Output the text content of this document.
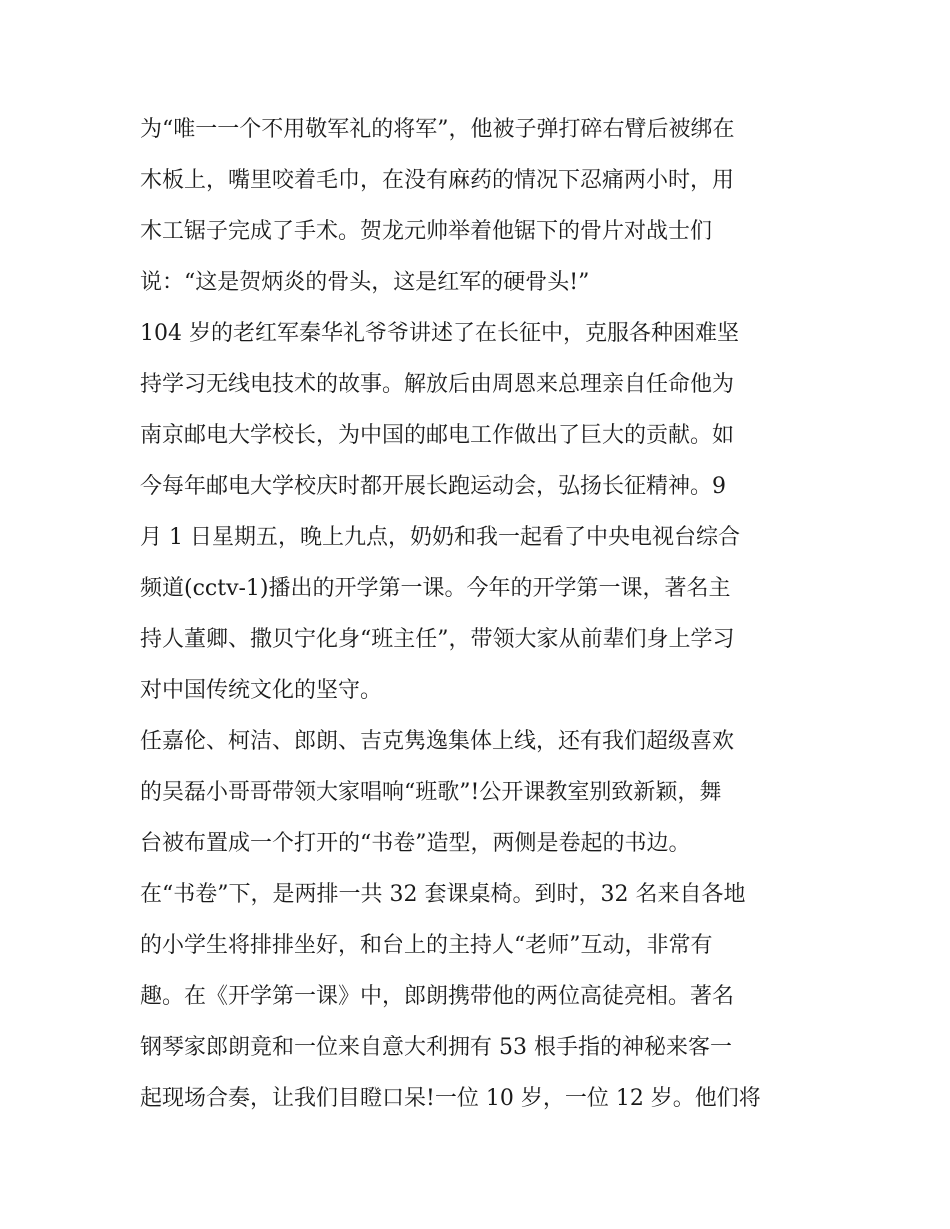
为“唯一一个不用敬军礼的将军”，他被子弹打碎右臂后被绑在
木板上，嘴里咬着毛巾，在没有麻药的情况下忍痛两小时，用
木工锯子完成了手术。贺龙元帅举着他锯下的骨片对战士们
说：“这是贺炳炎的骨头，这是红军的硬骨头!”

104 岁的老红军秦华礼爷爷讲述了在长征中，克服各种困难坚
持学习无线电技术的故事。解放后由周恩来总理亲自任命他为
南京邮电大学校长，为中国的邮电工作做出了巨大的贡献。如
今每年邮电大学校庆时都开展长跑运动会，弘扬长征精神。9
月 1 日星期五，晚上九点，奶奶和我一起看了中央电视台综合
频道(cctv-1)播出的开学第一课。今年的开学第一课，著名主
持人董卿、撒贝宁化身“班主任”，带领大家从前辈们身上学习
对中国传统文化的坚守。

任嘉伦、柯洁、郎朗、吉克隽逸集体上线，还有我们超级喜欢
的吴磊小哥哥带领大家唱响“班歌”!公开课教室别致新颖，舞
台被布置成一个打开的“书卷”造型，两侧是卷起的书边。

在“书卷”下，是两排一共 32 套课桌椅。到时，32 名来自各地
的小学生将排排坐好，和台上的主持人“老师”互动，非常有
趣。在《开学第一课》中，郎朗携带他的两位高徒亮相。著名
钢琴家郎朗竟和一位来自意大利拥有 53 根手指的神秘来客一
起现场合奏，让我们目瞪口呆!一位 10 岁，一位 12 岁。他们将
